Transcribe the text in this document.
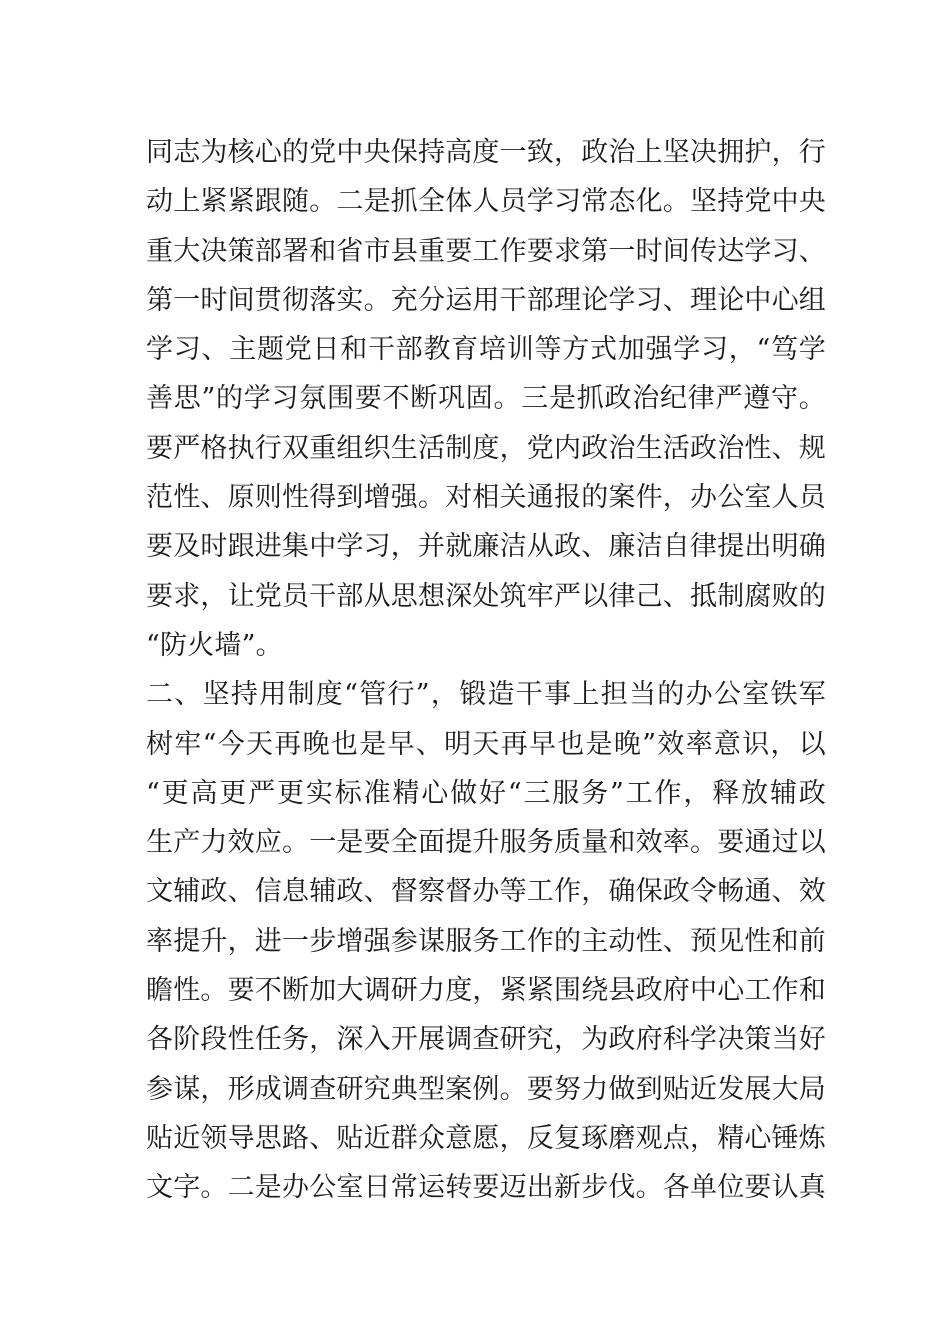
同志为核心的党中央保持高度一致，政治上坚决拥护，行
动上紧紧跟随。二是抓全体人员学习常态化。坚持党中央
重大决策部署和省市县重要工作要求第一时间传达学习、
第一时间贯彻落实。充分运用干部理论学习、理论中心组
学习、主题党日和干部教育培训等方式加强学习，“笃学
善思”的学习氛围要不断巩固。三是抓政治纪律严遵守。
要严格执行双重组织生活制度，党内政治生活政治性、规
范性、原则性得到增强。对相关通报的案件，办公室人员
要及时跟进集中学习，并就廉洁从政、廉洁自律提出明确
要求，让党员干部从思想深处筑牢严以律己、抵制腐败的
“防火墙”。
二、坚持用制度“管行”，锻造干事上担当的办公室铁军
树牢“今天再晚也是早、明天再早也是晚”效率意识，以
“更高更严更实标准精心做好“三服务”工作，释放辅政
生产力效应。一是要全面提升服务质量和效率。要通过以
文辅政、信息辅政、督察督办等工作，确保政令畅通、效
率提升，进一步增强参谋服务工作的主动性、预见性和前
瞻性。要不断加大调研力度，紧紧围绕县政府中心工作和
各阶段性任务，深入开展调查研究，为政府科学决策当好
参谋，形成调查研究典型案例。要努力做到贴近发展大局
贴近领导思路、贴近群众意愿，反复琢磨观点，精心锤炼
文字。二是办公室日常运转要迈出新步伐。各单位要认真
